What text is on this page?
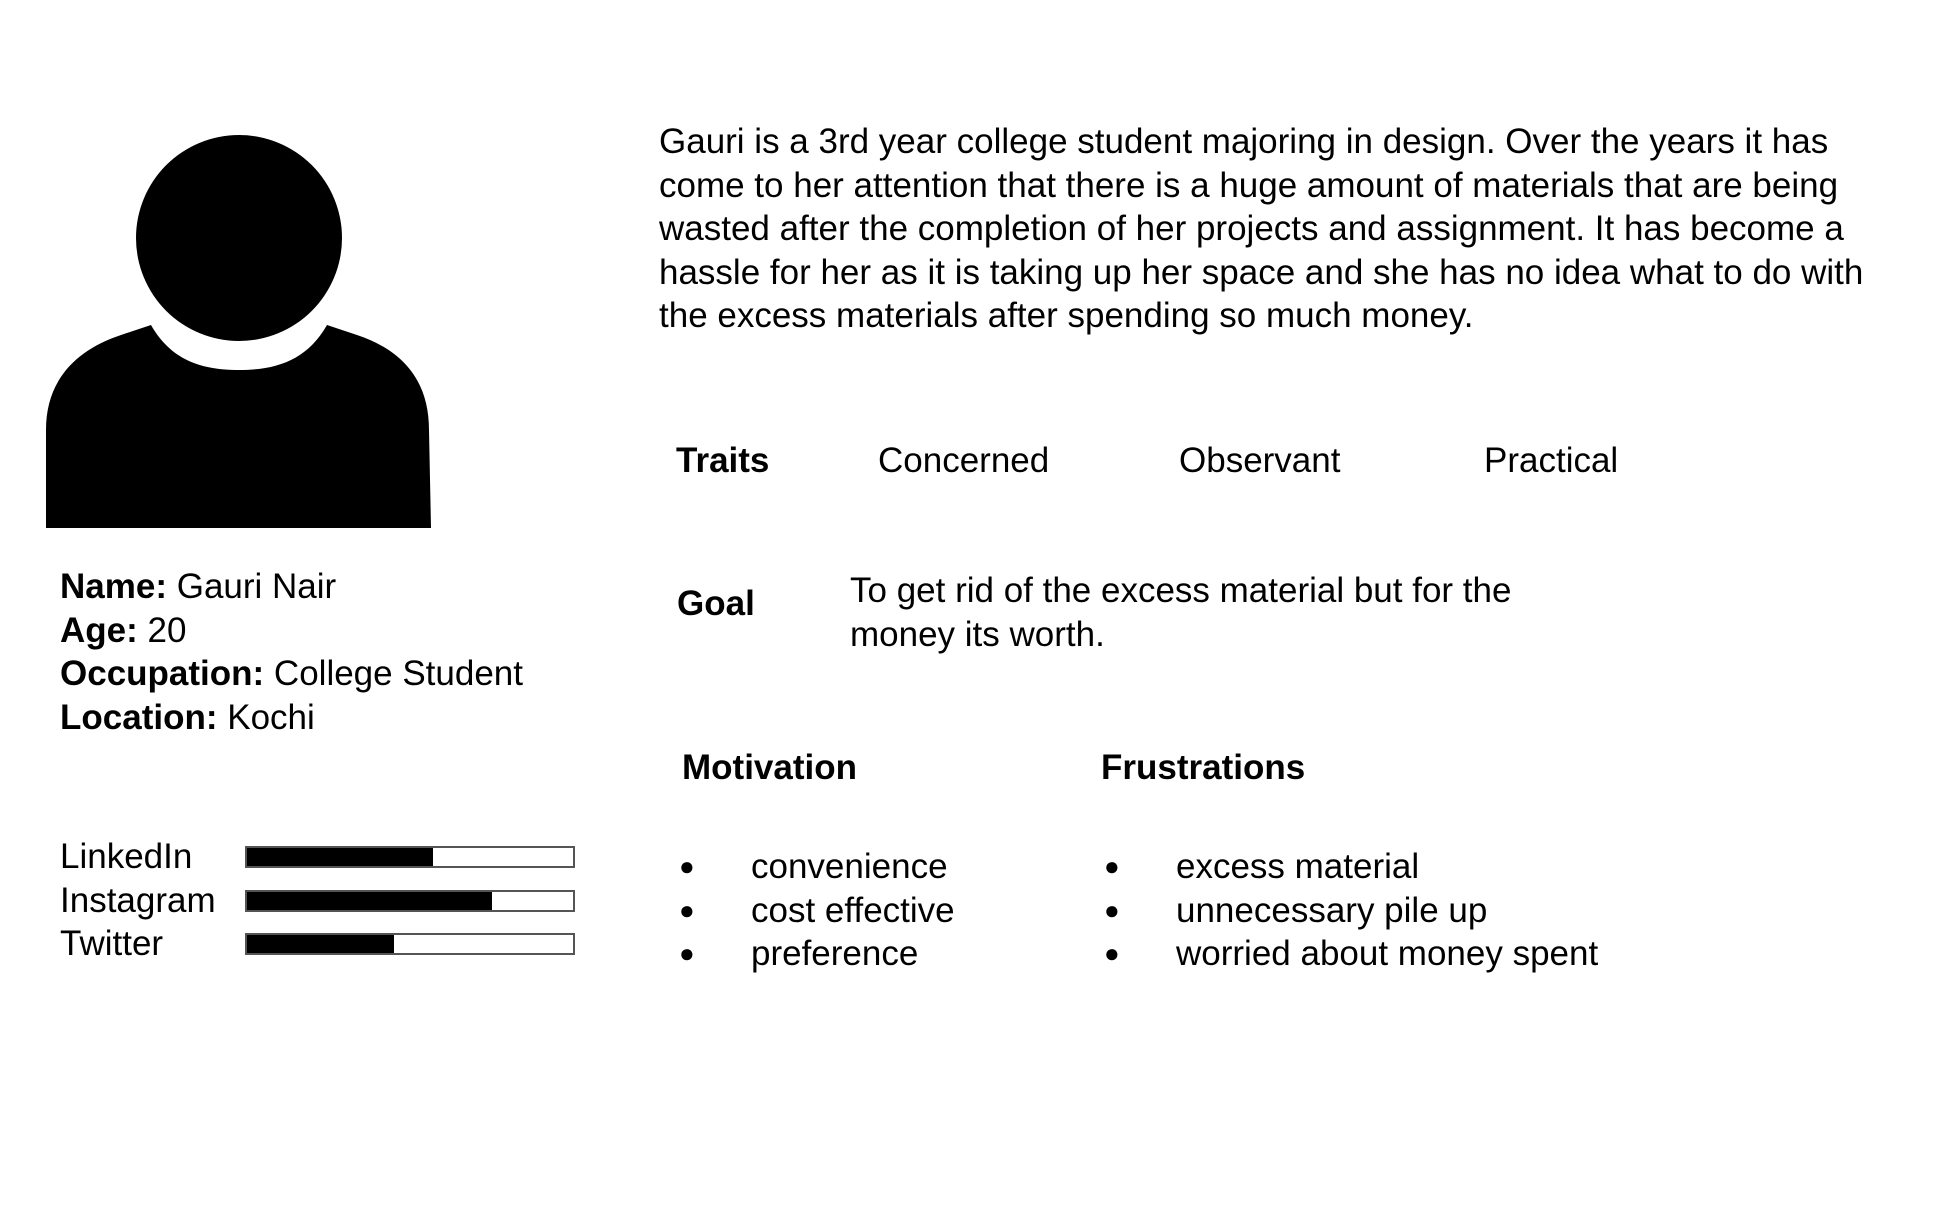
Name: Gauri Nair
Age: 20
Occupation: College Student
Location: Kochi
LinkedIn
Instagram
Twitter
Gauri is a 3rd year college student majoring in design. Over the years it has come to her attention that there is a huge amount of materials that are being wasted after the completion of her projects and assignment. It has become a hassle for her as it is taking up her space and she has no idea what to do with the excess materials after spending so much money.
Traits	Concerned	Observant	Practical
Goal	To get rid of the excess material but for the money its worth.
Motivation
● convenience
● cost effective
● preference
Frustrations
● excess material
● unnecessary pile up
● worried about money spent
